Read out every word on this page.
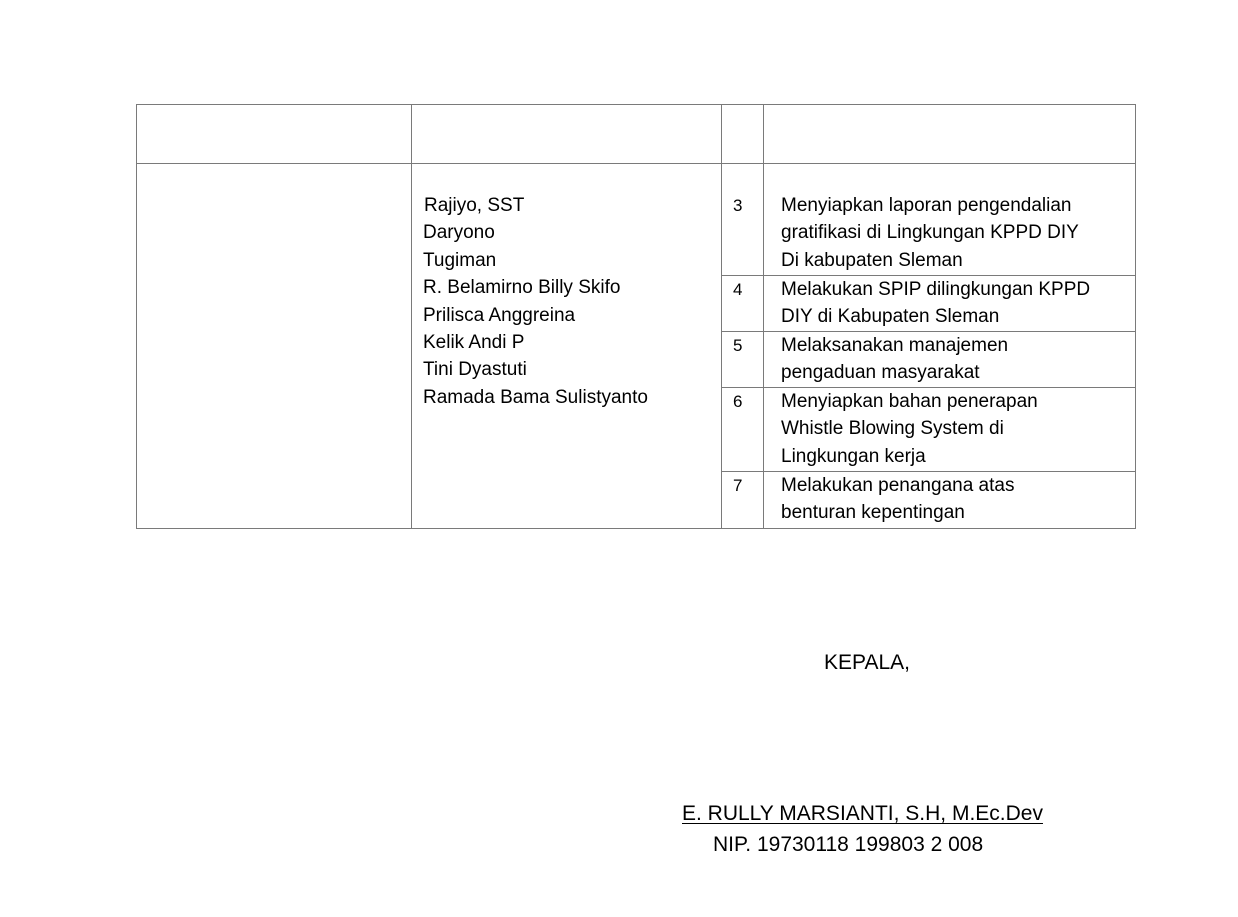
Rajiyo, SST
Daryono
Tugiman
R. Belamirno Billy Skifo
Prilisca Anggreina
Kelik Andi P
Tini Dyastuti
Ramada Bama Sulistyanto
3 Menyiapkan laporan pengendalian
gratifikasi di Lingkungan KPPD DIY
Di kabupaten Sleman
4 Melakukan SPIP dilingkungan KPPD
DIY di Kabupaten Sleman
5 Melaksanakan manajemen
pengaduan masyarakat
6 Menyiapkan bahan penerapan
Whistle Blowing System di
Lingkungan kerja
7 Melakukan penangana atas
benturan kepentingan
KEPALA,
E. RULLY MARSIANTI, S.H, M.Ec.Dev
NIP. 19730118 199803 2 008
